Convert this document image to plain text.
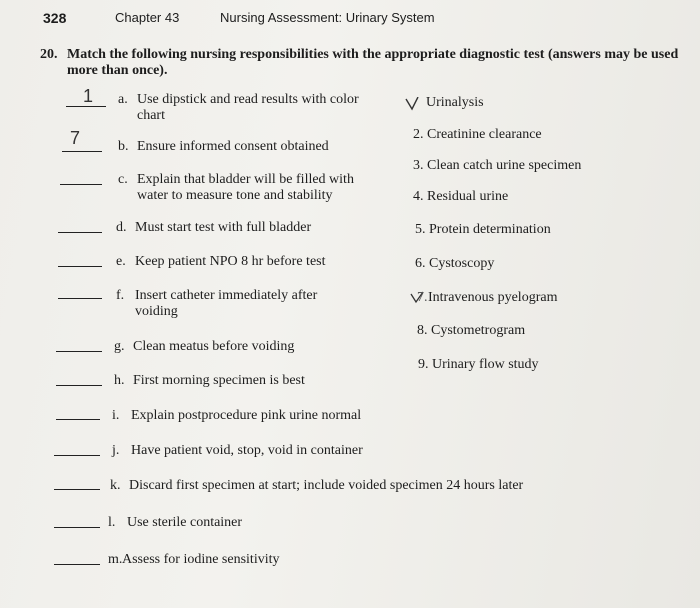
328	Chapter 43	Nursing Assessment: Urinary System
20. Match the following nursing responsibilities with the appropriate diagnostic test (answers may be used more than once).
1
7
a. Use dipstick and read results with color chart
b. Ensure informed consent obtained
c. Explain that bladder will be filled with water to measure tone and stability
d. Must start test with full bladder
e. Keep patient NPO 8 hr before test
f. Insert catheter immediately after voiding
g. Clean meatus before voiding
h. First morning specimen is best
i. Explain postprocedure pink urine normal
j. Have patient void, stop, void in container
k. Discard first specimen at start; include voided specimen 24 hours later
l. Use sterile container
m. Assess for iodine sensitivity
Urinalysis
2. Creatinine clearance
3. Clean catch urine specimen
4. Residual urine
5. Protein determination
6. Cystoscopy
7. Intravenous pyelogram
8. Cystometrogram
9. Urinary flow study
